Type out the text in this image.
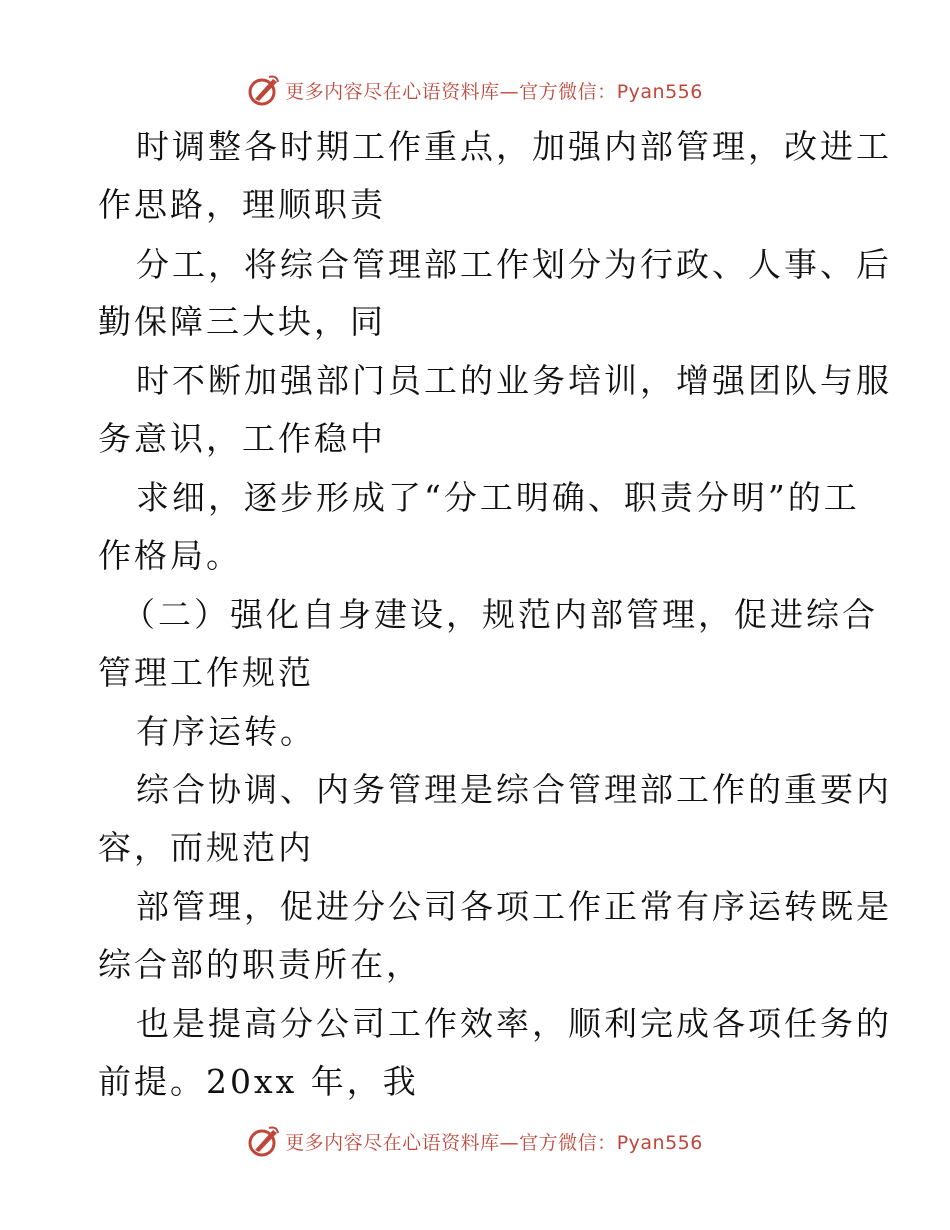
更多内容尽在心语资料库—官方微信：Pyan556
时调整各时期工作重点，加强内部管理，改进工
作思路，理顺职责
分工，将综合管理部工作划分为行政、人事、后
勤保障三大块，同
时不断加强部门员工的业务培训，增强团队与服
务意识，工作稳中
求细，逐步形成了“分工明确、职责分明”的工
作格局。
（二）强化自身建设，规范内部管理，促进综合
管理工作规范
有序运转。
综合协调、内务管理是综合管理部工作的重要内
容，而规范内
部管理，促进分公司各项工作正常有序运转既是
综合部的职责所在，
也是提高分公司工作效率，顺利完成各项任务的
前提。20xx 年，我
更多内容尽在心语资料库—官方微信：Pyan556
